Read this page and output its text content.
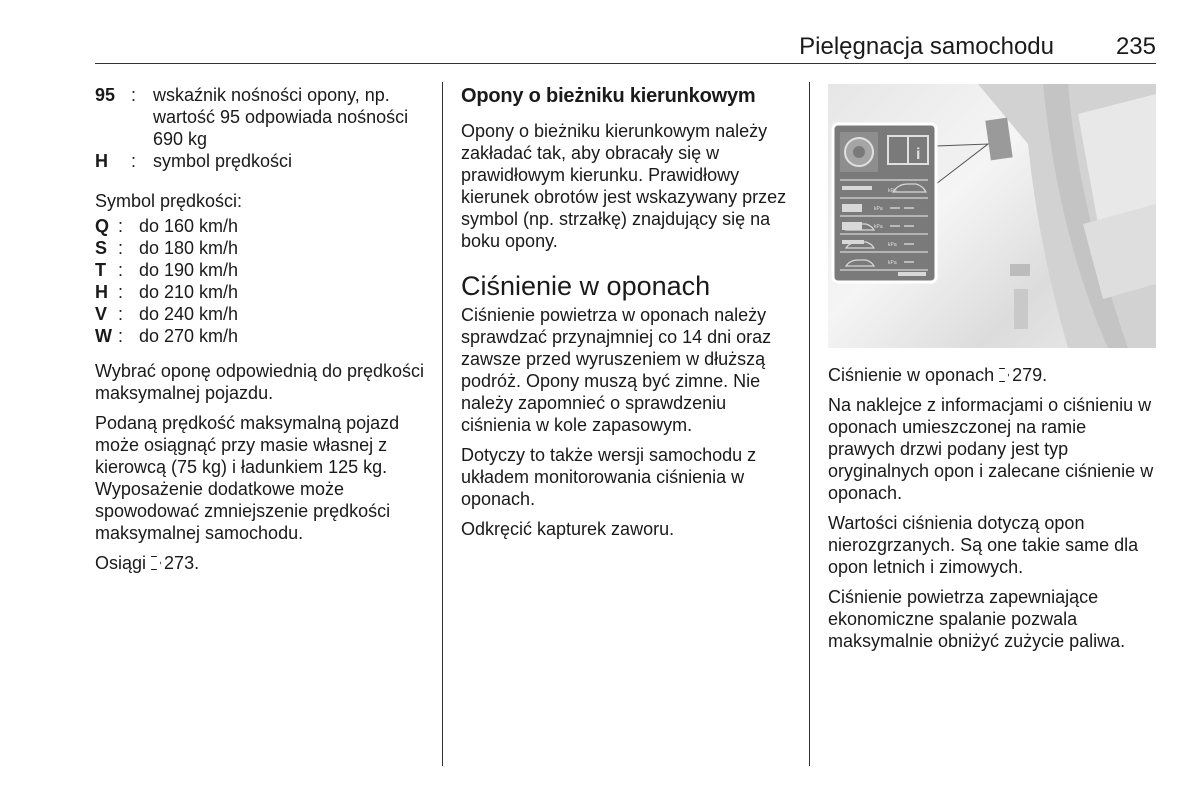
Pielęgnacja samochodu	235
95 : wskaźnik nośności opony, np. wartość 95 odpowiada nośności 690 kg
H	: symbol prędkości

Symbol prędkości:

Q : do 160 km/h
S : do 180 km/h
T : do 190 km/h
H : do 210 km/h
V : do 240 km/h
W : do 270 km/h

Wybrać oponę odpowiednią do prędkości maksymalnej pojazdu.

Podaną prędkość maksymalną pojazd może osiągnąć przy masie własnej z kierowcą (75 kg) i ładunkiem 125 kg. Wyposażenie dodatkowe może spowodować zmniejszenie prędkości maksymalnej samochodu.

Osiągi 273.

Opony o bieżniku kierunkowym

Opony o bieżniku kierunkowym należy zakładać tak, aby obracały się w prawidłowym kierunku. Prawidłowy kierunek obrotów jest wskazywany przez symbol (np. strzałkę) znajdujący się na boku opony.

Ciśnienie w oponach

Ciśnienie powietrza w oponach należy sprawdzać przynajmniej co 14 dni oraz zawsze przed wyruszeniem w dłuższą podróż. Opony muszą być zimne. Nie należy zapomnieć o sprawdzeniu ciśnienia w kole zapasowym.

Dotyczy to także wersji samochodu z układem monitorowania ciśnienia w oponach.

Odkręcić kapturek zaworu.

i
kPa
kPa
kPa
kPa
kPa

Ciśnienie w oponach 279.

Na naklejce z informacjami o ciśnieniu w oponach umieszczonej na ramie prawych drzwi podany jest typ oryginalnych opon i zalecane ciśnienie w oponach.

Wartości ciśnienia dotyczą opon nierozgrzanych. Są one takie same dla opon letnich i zimowych.

Ciśnienie powietrza zapewniające ekonomiczne spalanie pozwala maksymalnie obniżyć zużycie paliwa.
